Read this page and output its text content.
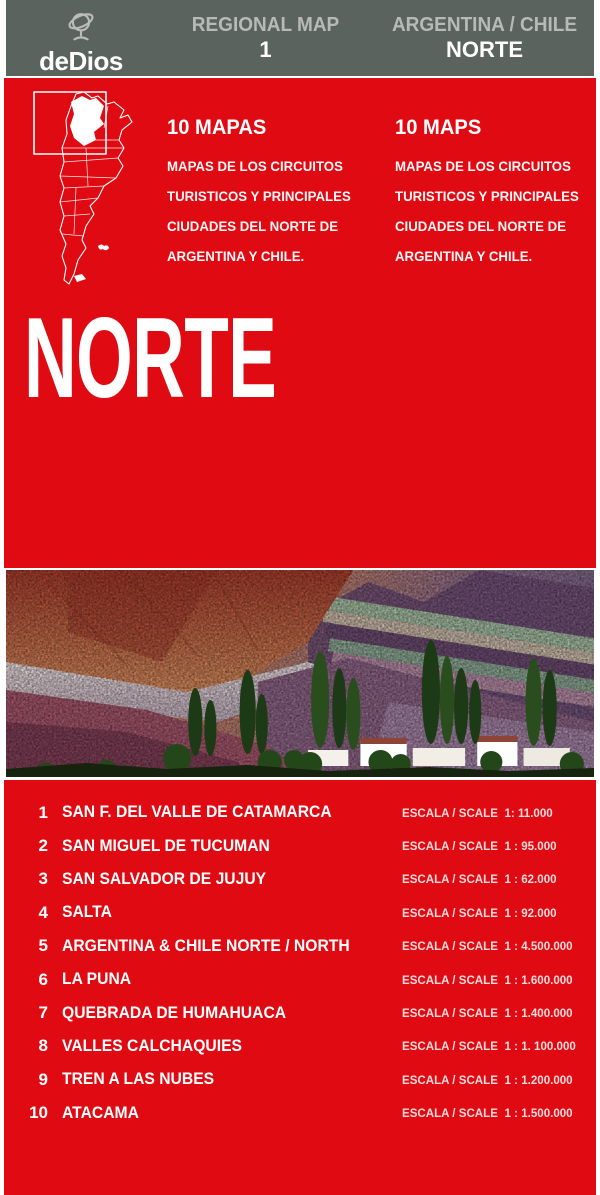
deDios
REGIONAL MAP
1
ARGENTINA / CHILE
NORTE
10 MAPAS
MAPAS DE LOS CIRCUITOS
TURISTICOS Y PRINCIPALES
CIUDADES DEL NORTE DE
ARGENTINA Y CHILE.
10 MAPS
MAPAS DE LOS CIRCUITOS
TURISTICOS Y PRINCIPALES
CIUDADES DEL NORTE DE
ARGENTINA Y CHILE.
NORTE
1 SAN F. DEL VALLE DE CATAMARCA	ESCALA / SCALE 1: 11.000
2 SAN MIGUEL DE TUCUMAN	ESCALA / SCALE 1 : 95.000
3 SAN SALVADOR DE JUJUY	ESCALA / SCALE 1 : 62.000
4 SALTA	ESCALA / SCALE 1 : 92.000
5 ARGENTINA & CHILE NORTE / NORTH	ESCALA / SCALE 1 : 4.500.000
6 LA PUNA	ESCALA / SCALE 1 : 1.600.000
7 QUEBRADA DE HUMAHUACA	ESCALA / SCALE 1 : 1.400.000
8 VALLES CALCHAQUIES	ESCALA / SCALE 1 : 1. 100.000
9 TREN A LAS NUBES	ESCALA / SCALE 1 : 1.200.000
10 ATACAMA	ESCALA / SCALE 1 : 1.500.000
